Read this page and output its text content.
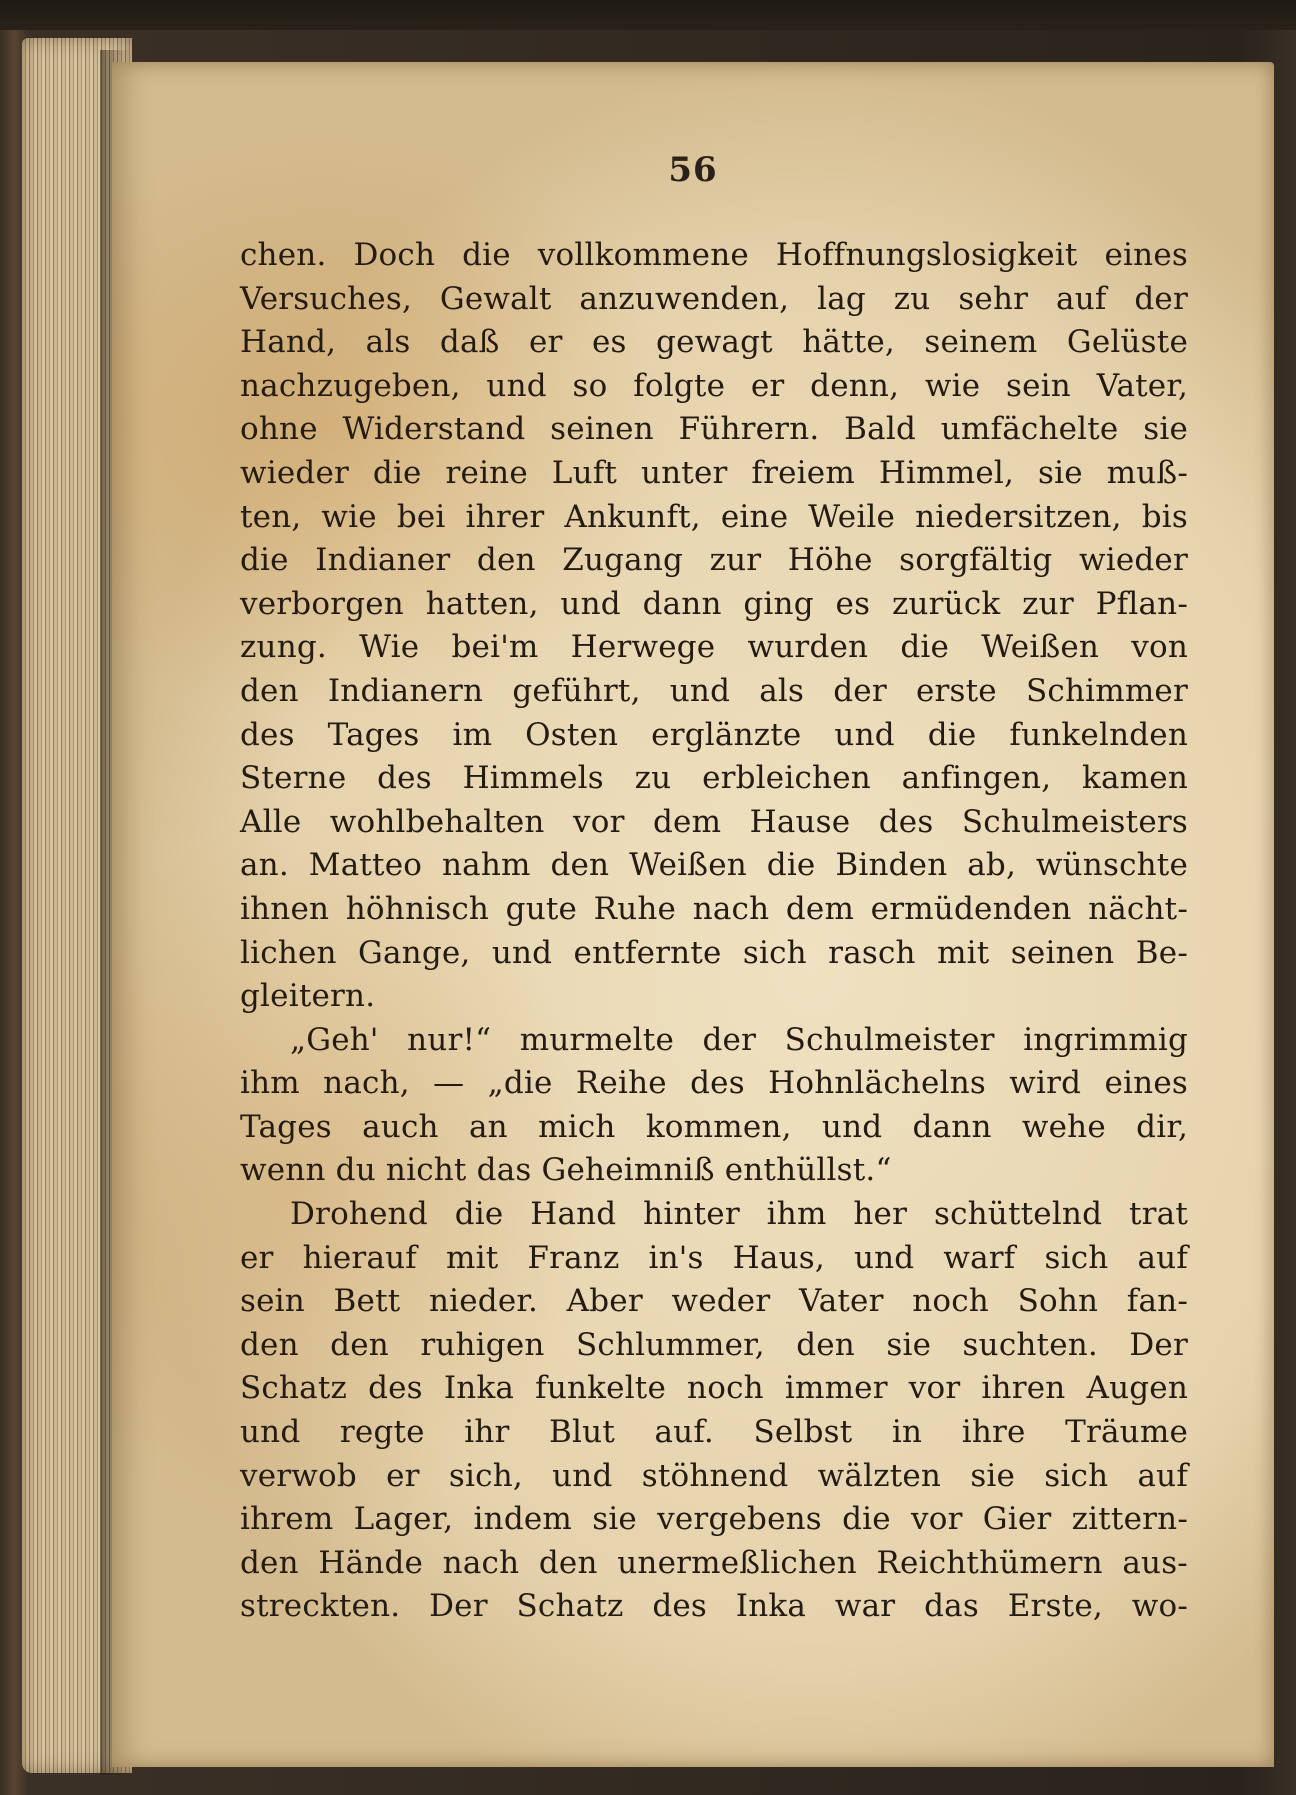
56
chen. Doch die vollkommene Hoffnungslosigkeit eines
Versuches, Gewalt anzuwenden, lag zu sehr auf der
Hand, als daß er es gewagt hätte, seinem Gelüste
nachzugeben, und so folgte er denn, wie sein Vater,
ohne Widerstand seinen Führern. Bald umfächelte sie
wieder die reine Luft unter freiem Himmel, sie muß-
ten, wie bei ihrer Ankunft, eine Weile niedersitzen, bis
die Indianer den Zugang zur Höhe sorgfältig wieder
verborgen hatten, und dann ging es zurück zur Pflan-
zung. Wie bei'm Herwege wurden die Weißen von
den Indianern geführt, und als der erste Schimmer
des Tages im Osten erglänzte und die funkelnden
Sterne des Himmels zu erbleichen anfingen, kamen
Alle wohlbehalten vor dem Hause des Schulmeisters
an. Matteo nahm den Weißen die Binden ab, wünschte
ihnen höhnisch gute Ruhe nach dem ermüdenden nächt-
lichen Gange, und entfernte sich rasch mit seinen Be-
gleitern.
„Geh' nur!“ murmelte der Schulmeister ingrimmig
ihm nach, — „die Reihe des Hohnlächelns wird eines
Tages auch an mich kommen, und dann wehe dir,
wenn du nicht das Geheimniß enthüllst.“
Drohend die Hand hinter ihm her schüttelnd trat
er hierauf mit Franz in's Haus, und warf sich auf
sein Bett nieder. Aber weder Vater noch Sohn fan-
den den ruhigen Schlummer, den sie suchten. Der
Schatz des Inka funkelte noch immer vor ihren Augen
und regte ihr Blut auf. Selbst in ihre Träume
verwob er sich, und stöhnend wälzten sie sich auf
ihrem Lager, indem sie vergebens die vor Gier zittern-
den Hände nach den unermeßlichen Reichthümern aus-
streckten. Der Schatz des Inka war das Erste, wo-
